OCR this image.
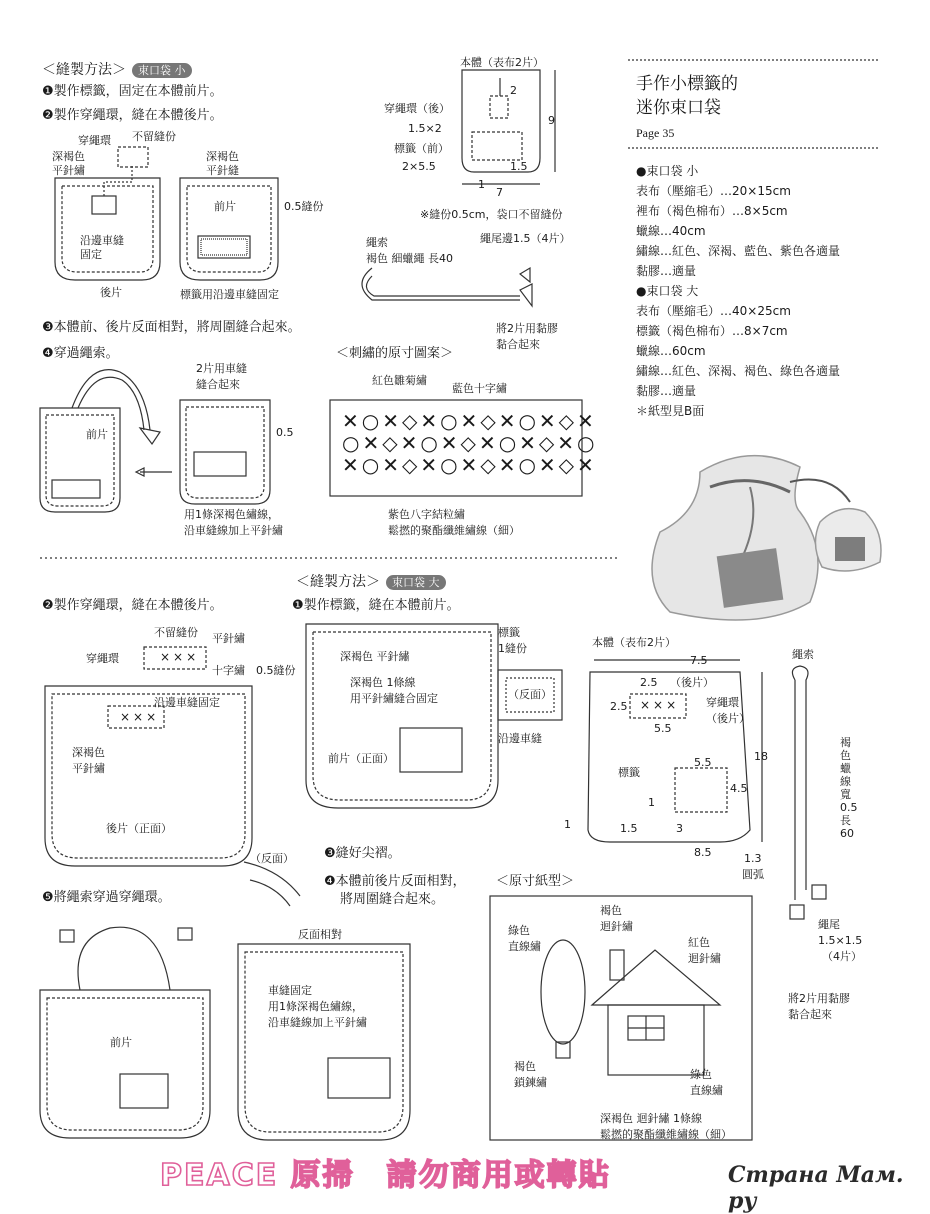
手作小標籤的
迷你束口袋
Page 35
●束口袋 小
表布（壓縮毛）…20×15cm
裡布（褐色棉布）…8×5cm
蠟線…40cm
繡線…紅色、深褐、藍色、紫色各適量
黏膠…適量
●束口袋 大
表布（壓縮毛）…40×25cm
標籤（褐色棉布）…8×7cm
蠟線…60cm
繡線…紅色、深褐、褐色、綠色各適量
黏膠…適量
＊紙型見B面
＜縫製方法＞ 束口袋 小
❶製作標籤，固定在本體前片。
❷製作穿繩環，縫在本體後片。
穿繩環 不留縫份
深褐色
平針繡
沿邊車縫
固定
後片
深褐色
平針縫
前片	0.5縫份
標籤用沿邊車縫固定
本體（表布2片）
穿繩環（後）
1.5×2
標籤（前）
2×5.5
2
9
1.5
1
7
※縫份0.5cm，袋口不留縫份
繩索
褐色 細蠟繩 長40
繩尾邊1.5（4片）
將2片用黏膠
黏合起來
❸本體前、後片反面相對，將周圍縫合起來。
❹穿過繩索。
2片用車縫
縫合起來
前片	0.5
用1條深褐色繡線，
沿車縫線加上平針繡
＜刺繡的原寸圖案＞
紅色雛菊繡
藍色十字繡
紫色八字結粒繡
鬆撚的聚酯纖維繡線（細）
✕○✕◇✕○✕◇✕○✕◇✕
○✕◇✕○✕◇✕○✕◇✕○
✕○✕◇✕○✕◇✕○✕◇✕
＜縫製方法＞ 束口袋 大
❷製作穿繩環，縫在本體後片。	❶製作標籤，縫在本體前片。
不留縫份 平針繡
穿繩環	×××
十字繡 0.5縫份
沿邊車縫固定
×××
深褐色
平針繡
後片（正面）
深褐色 平針繡
深褐色 1條線
用平針繡縫合固定
前片（正面）
標籤
1縫份
（反面）
沿邊車縫
（反面） ❸縫好尖褶。
❹本體前後片反面相對，
將周圍縫合起來。
❺將繩索穿過穿繩環。
反面相對
車縫固定
用1條深褐色繡線，
沿車縫線加上平針繡
前片
本體（表布2片）
7.5
2.5 （後片）
2.5 ××× 穿繩環
（後片）
5.5
18
標籤
5.5
4.5
1
1	1.5	3
8.5	1.3
圓弧
繩索
褐色蠟線寬0.5長60
繩尾
1.5×1.5
（4片）
將2片用黏膠
黏合起來
＜原寸紙型＞
綠色
直線繡
褐色
迴針繡
紅色
迴針繡
褐色
鎖鍊繡
綠色
直線繡
深褐色 迴針繡 1條線
鬆撚的聚酯纖維繡線（細）
PEACE 原掃　請勿商用或轉貼	Страна Мам. ру
